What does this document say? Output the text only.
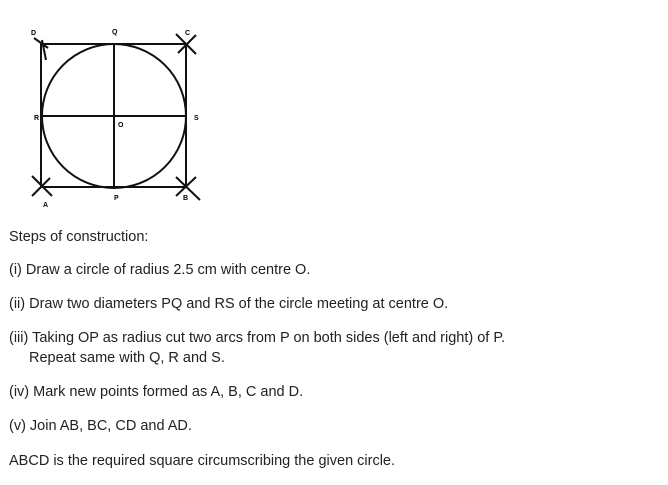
D	Q	C
R	S
O
A
P	B
Steps of construction:
(i) Draw a circle of radius 2.5 cm with centre O.
(ii) Draw two diameters PQ and RS of the circle meeting at centre O.
(iii) Taking OP as radius cut two arcs from P on both sides (left and right) of P.
Repeat same with Q, R and S.
(iv) Mark new points formed as A, B, C and D.
(v) Join AB, BC, CD and AD.
ABCD is the required square circumscribing the given circle.
